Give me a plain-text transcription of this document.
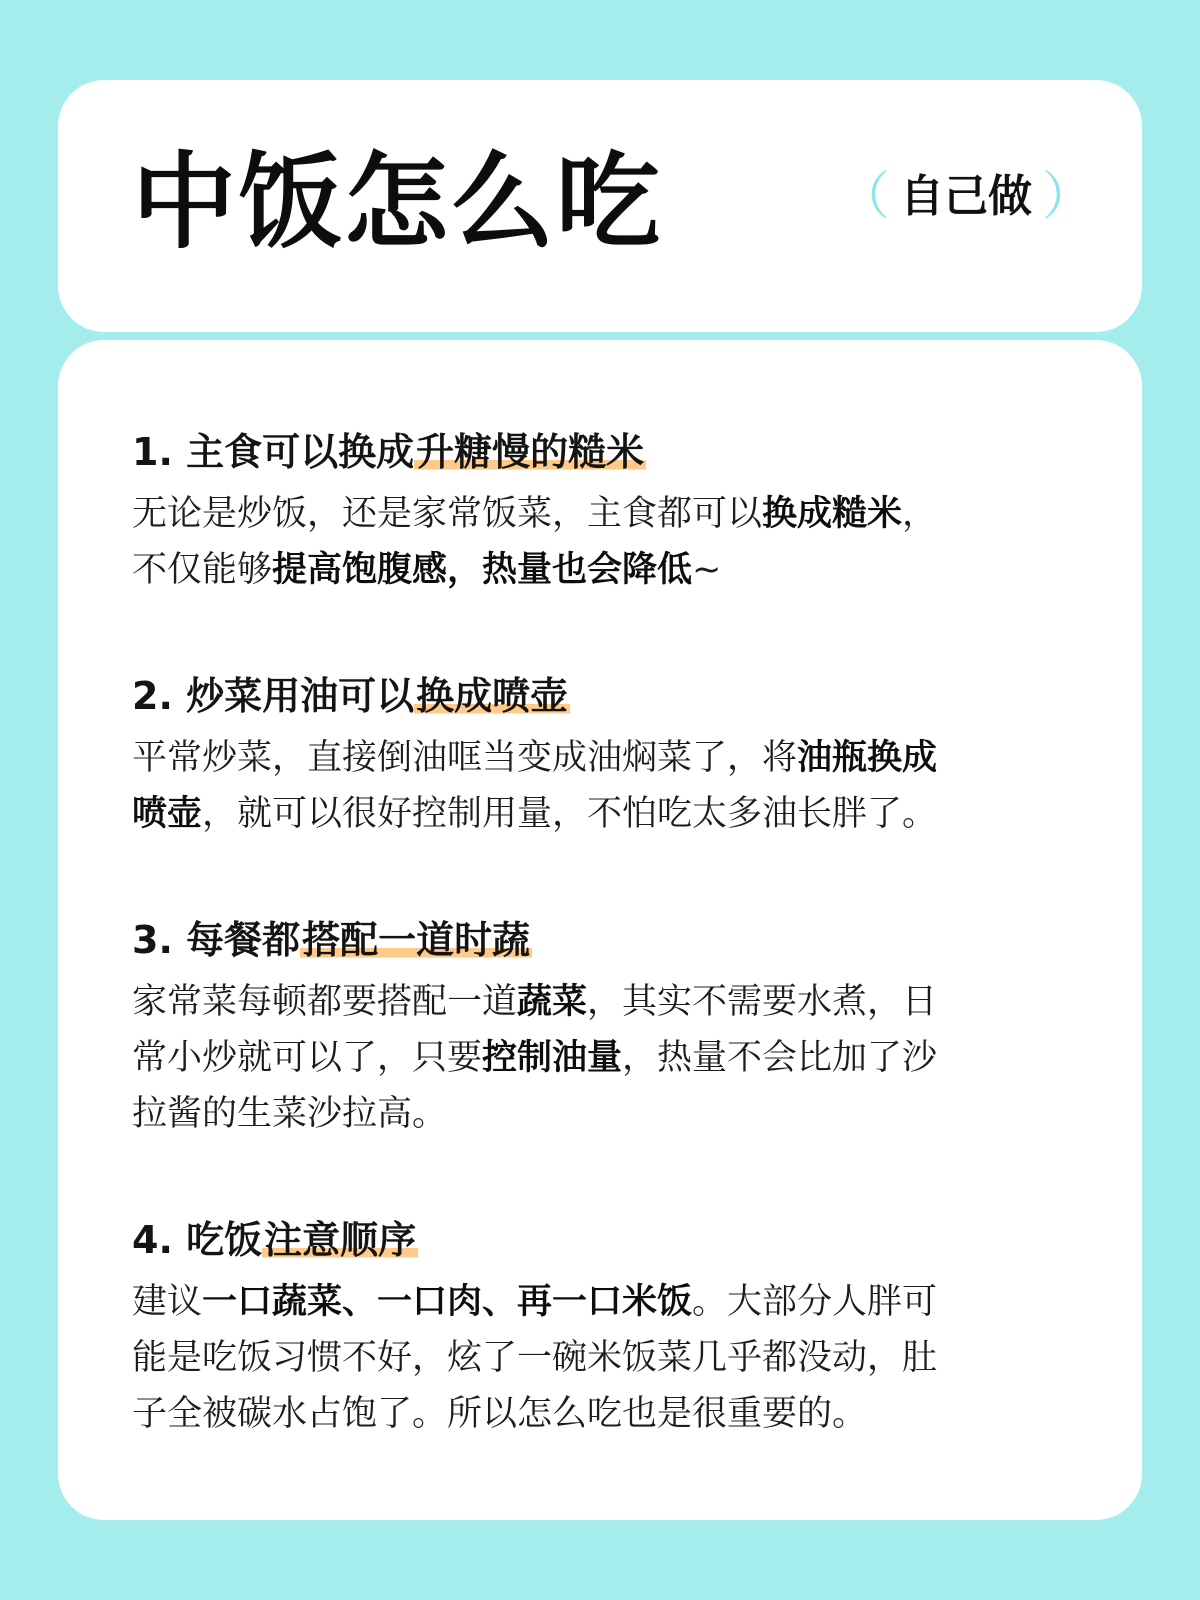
中饭怎么吃	（ 自己做 ）
1. 主食可以换成升糖慢的糙米
无论是炒饭，还是家常饭菜，主食都可以换成糙米，
不仅能够提高饱腹感，热量也会降低~
2. 炒菜用油可以换成喷壶
平常炒菜，直接倒油哐当变成油焖菜了，将油瓶换成
喷壶，就可以很好控制用量，不怕吃太多油长胖了。
3. 每餐都搭配一道时蔬
家常菜每顿都要搭配一道蔬菜，其实不需要水煮，日
常小炒就可以了，只要控制油量，热量不会比加了沙
拉酱的生菜沙拉高。
4. 吃饭注意顺序
建议一口蔬菜、一口肉、再一口米饭。大部分人胖可
能是吃饭习惯不好，炫了一碗米饭菜几乎都没动，肚
子全被碳水占饱了。所以怎么吃也是很重要的。
